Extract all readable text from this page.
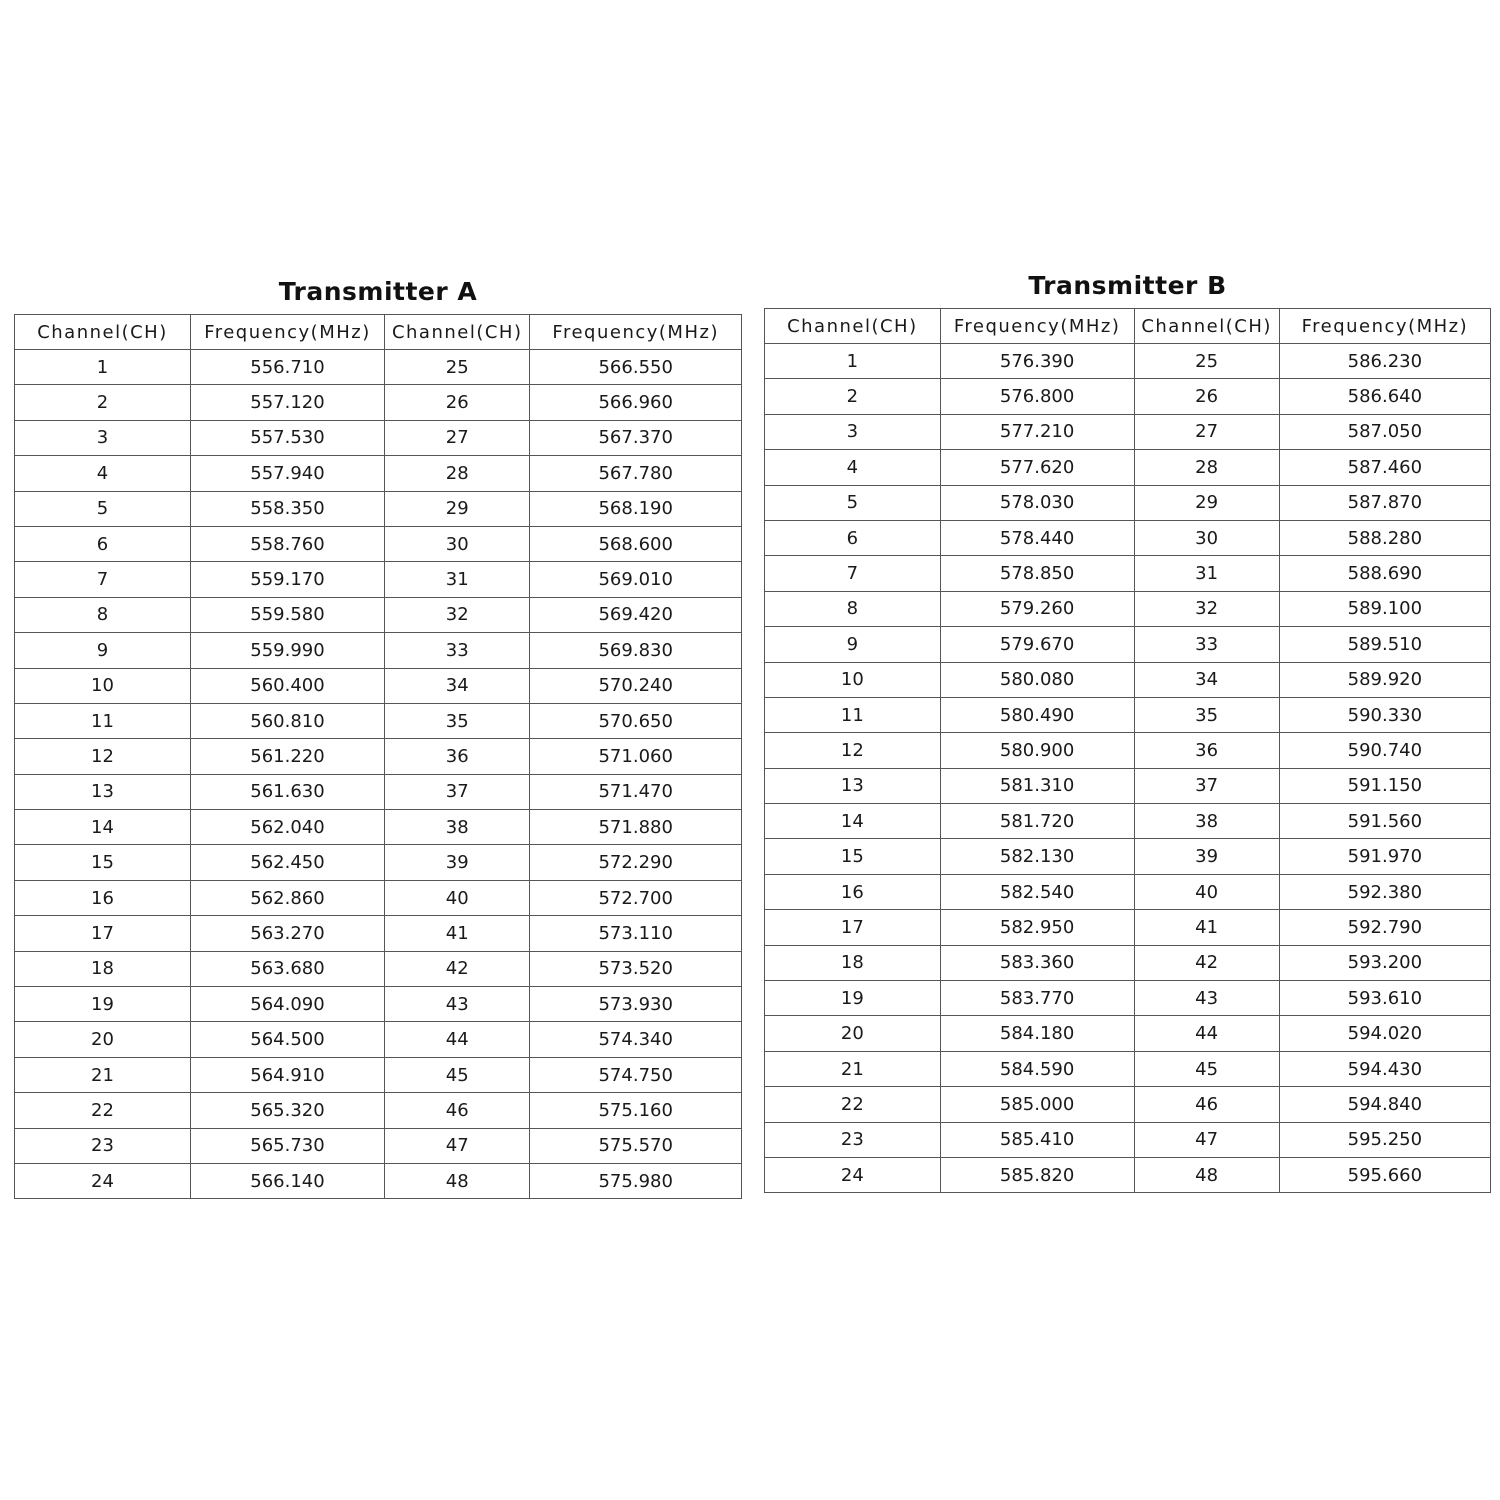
Transmitter A
Channel(CH)	Frequency(MHz)	Channel(CH)	Frequency(MHz)
1	556.710	25	566.550
2	557.120	26	566.960
3	557.530	27	567.370
4	557.940	28	567.780
5	558.350	29	568.190
6	558.760	30	568.600
7	559.170	31	569.010
8	559.580	32	569.420
9	559.990	33	569.830
10	560.400	34	570.240
11	560.810	35	570.650
12	561.220	36	571.060
13	561.630	37	571.470
14	562.040	38	571.880
15	562.450	39	572.290
16	562.860	40	572.700
17	563.270	41	573.110
18	563.680	42	573.520
19	564.090	43	573.930
20	564.500	44	574.340
21	564.910	45	574.750
22	565.320	46	575.160
23	565.730	47	575.570
24	566.140	48	575.980
Transmitter B
Channel(CH)	Frequency(MHz)	Channel(CH)	Frequency(MHz)
1	576.390	25	586.230
2	576.800	26	586.640
3	577.210	27	587.050
4	577.620	28	587.460
5	578.030	29	587.870
6	578.440	30	588.280
7	578.850	31	588.690
8	579.260	32	589.100
9	579.670	33	589.510
10	580.080	34	589.920
11	580.490	35	590.330
12	580.900	36	590.740
13	581.310	37	591.150
14	581.720	38	591.560
15	582.130	39	591.970
16	582.540	40	592.380
17	582.950	41	592.790
18	583.360	42	593.200
19	583.770	43	593.610
20	584.180	44	594.020
21	584.590	45	594.430
22	585.000	46	594.840
23	585.410	47	595.250
24	585.820	48	595.660
